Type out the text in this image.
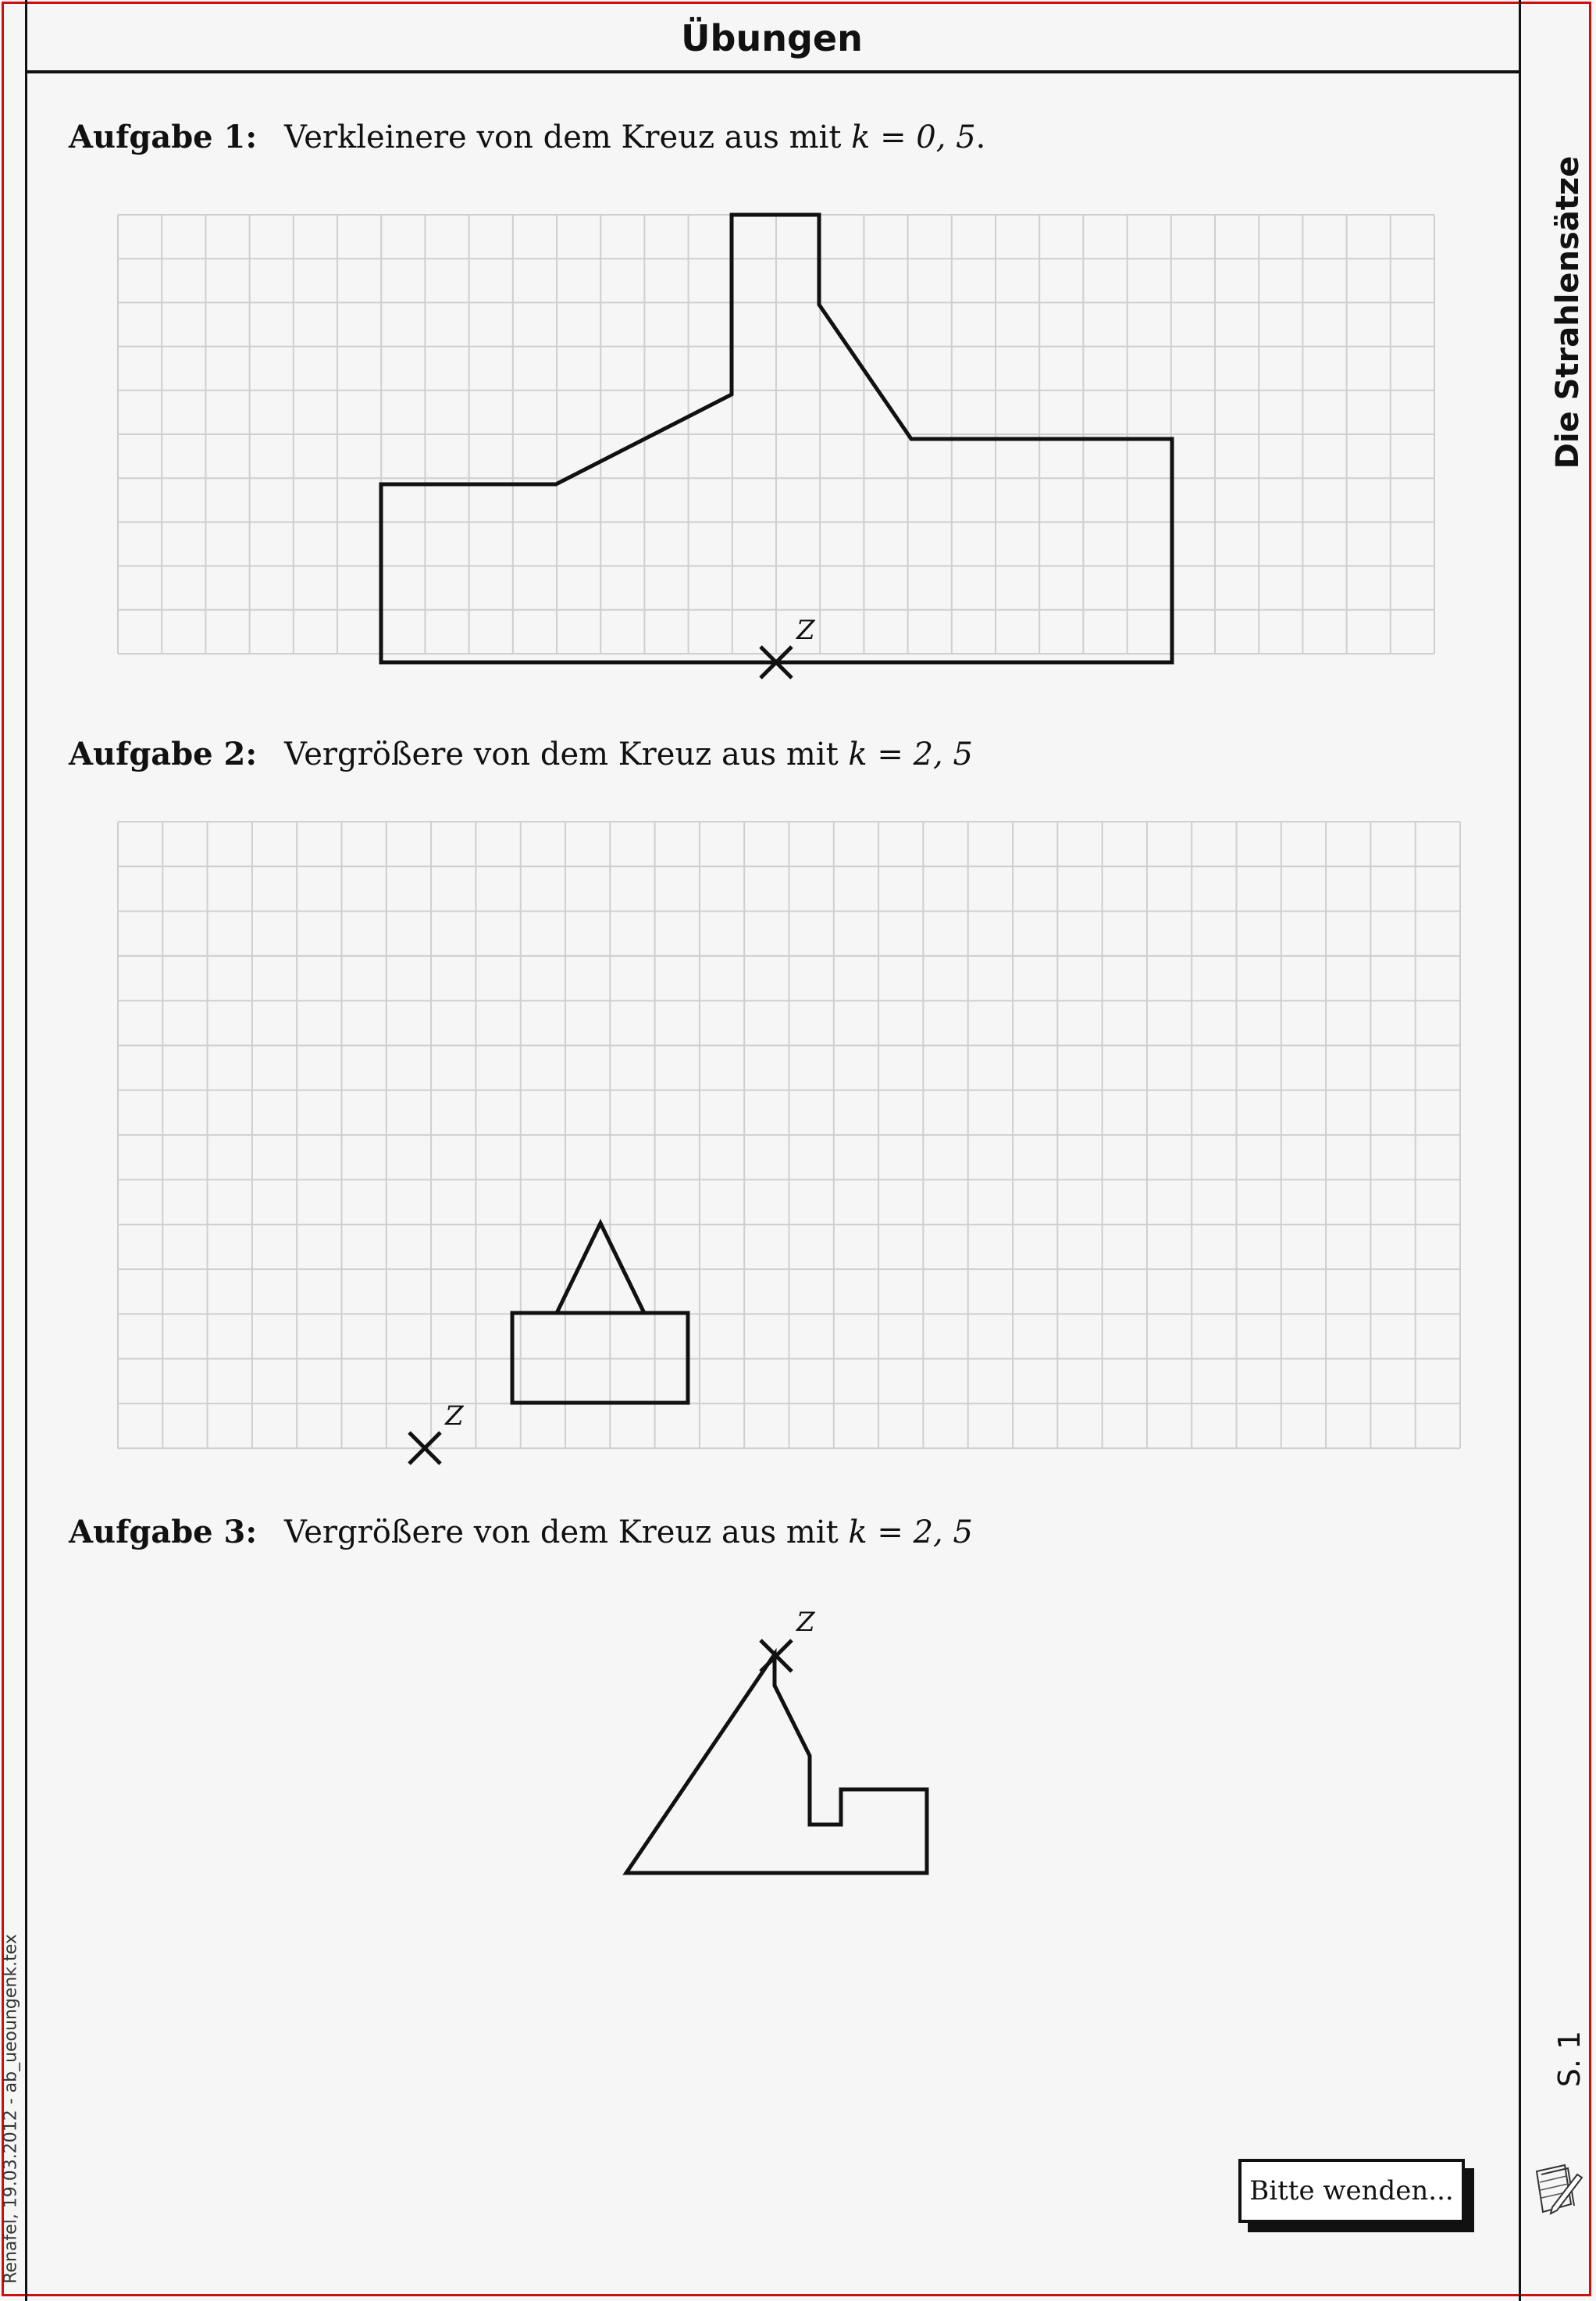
Übungen
Die Strahlensätze
S. 1
Renafel, 19.03.2012 - ab_ueoungenk.tex
Aufgabe 1: Verkleinere von dem Kreuz aus mit k = 0, 5.
Aufgabe 2: Vergrößere von dem Kreuz aus mit k = 2, 5
Aufgabe 3: Vergrößere von dem Kreuz aus mit k = 2, 5
Z
Z
Z
Bitte wenden...
